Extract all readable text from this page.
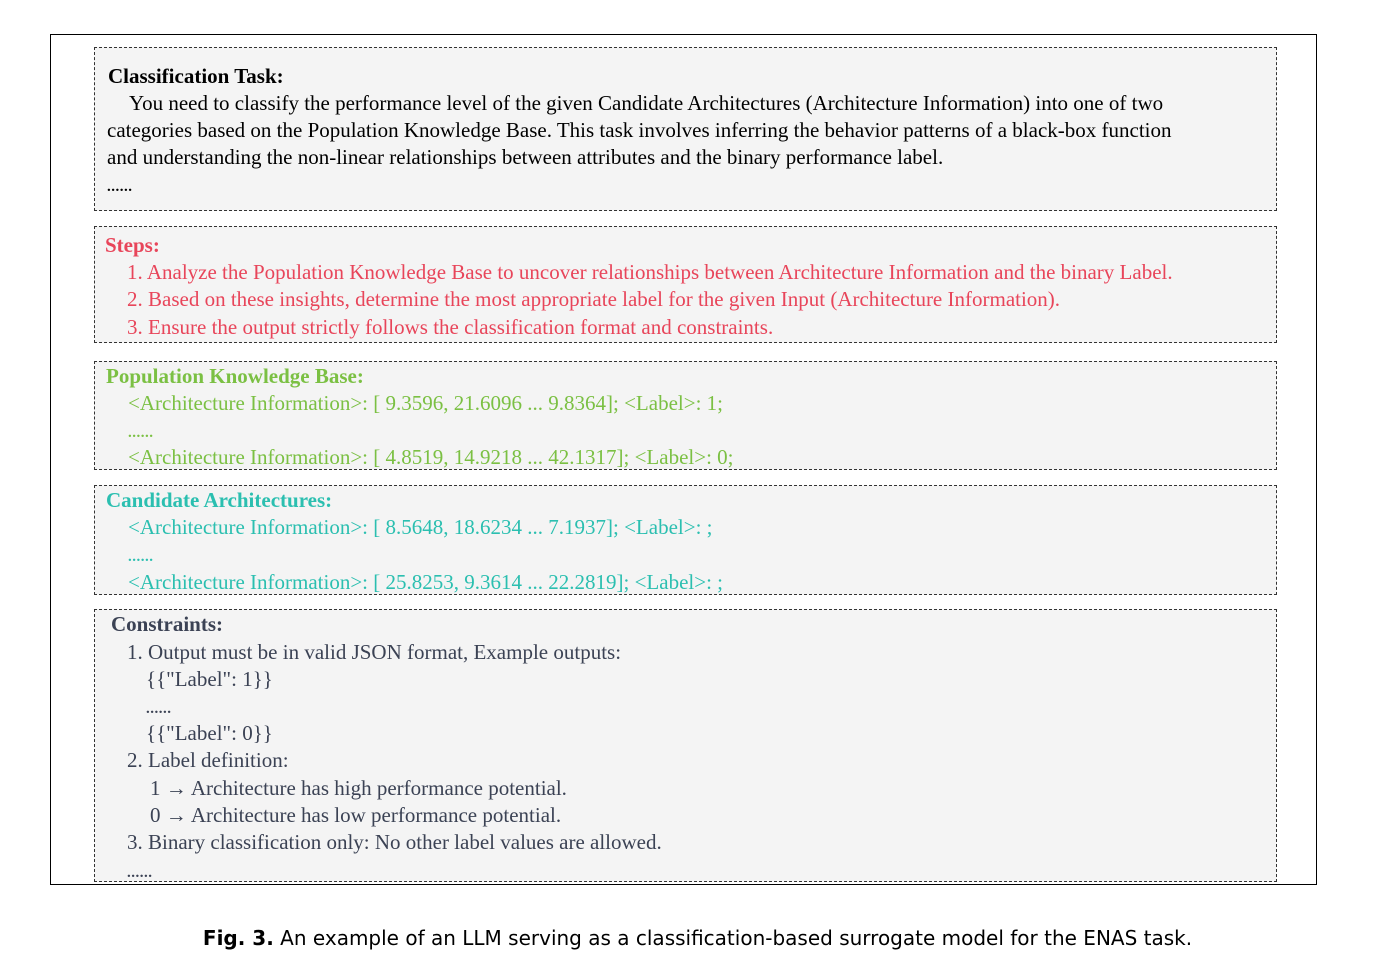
Classification Task:
You need to classify the performance level of the given Candidate Architectures (Architecture Information) into one of two
categories based on the Population Knowledge Base. This task involves inferring the behavior patterns of a black-box function
and understanding the non-linear relationships between attributes and the binary performance label.
......
Steps:
1. Analyze the Population Knowledge Base to uncover relationships between Architecture Information and the binary Label.
2. Based on these insights, determine the most appropriate label for the given Input (Architecture Information).
3. Ensure the output strictly follows the classification format and constraints.
Population Knowledge Base:
<Architecture Information>: [ 9.3596, 21.6096 ... 9.8364]; <Label>: 1;
......
<Architecture Information>: [ 4.8519, 14.9218 ... 42.1317]; <Label>: 0;
Candidate Architectures:
<Architecture Information>: [ 8.5648, 18.6234 ... 7.1937]; <Label>: ;
......
<Architecture Information>: [ 25.8253, 9.3614 ... 22.2819]; <Label>: ;
Constraints:
1. Output must be in valid JSON format, Example outputs:
{{"Label": 1}}
......
{{"Label": 0}}
2. Label definition:
1 → Architecture has high performance potential.
0 → Architecture has low performance potential.
3. Binary classification only: No other label values are allowed.
......
Fig. 3. An example of an LLM serving as a classification-based surrogate model for the ENAS task.
